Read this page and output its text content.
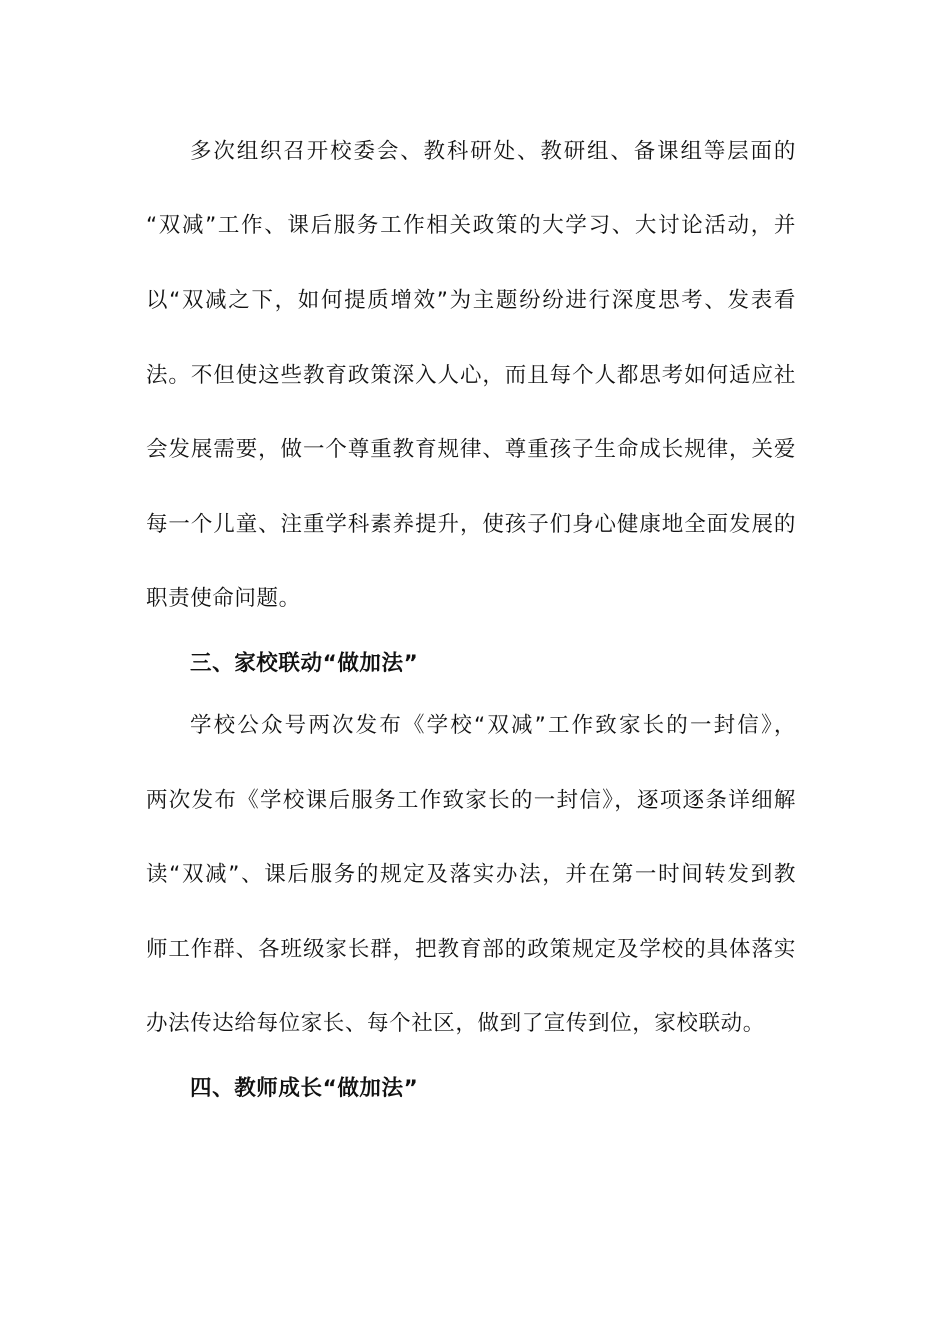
多次组织召开校委会、教科研处、教研组、备课组等层面的
“双减”工作、课后服务工作相关政策的大学习、大讨论活动，并
以“双减之下，如何提质增效”为主题纷纷进行深度思考、发表看
法。不但使这些教育政策深入人心，而且每个人都思考如何适应社
会发展需要，做一个尊重教育规律、尊重孩子生命成长规律，关爱
每一个儿童、注重学科素养提升，使孩子们身心健康地全面发展的
职责使命问题。
三、家校联动“做加法”
学校公众号两次发布《学校“双减”工作致家长的一封信》，
两次发布《学校课后服务工作致家长的一封信》，逐项逐条详细解
读“双减”、课后服务的规定及落实办法，并在第一时间转发到教
师工作群、各班级家长群，把教育部的政策规定及学校的具体落实
办法传达给每位家长、每个社区，做到了宣传到位，家校联动。
四、教师成长“做加法”
